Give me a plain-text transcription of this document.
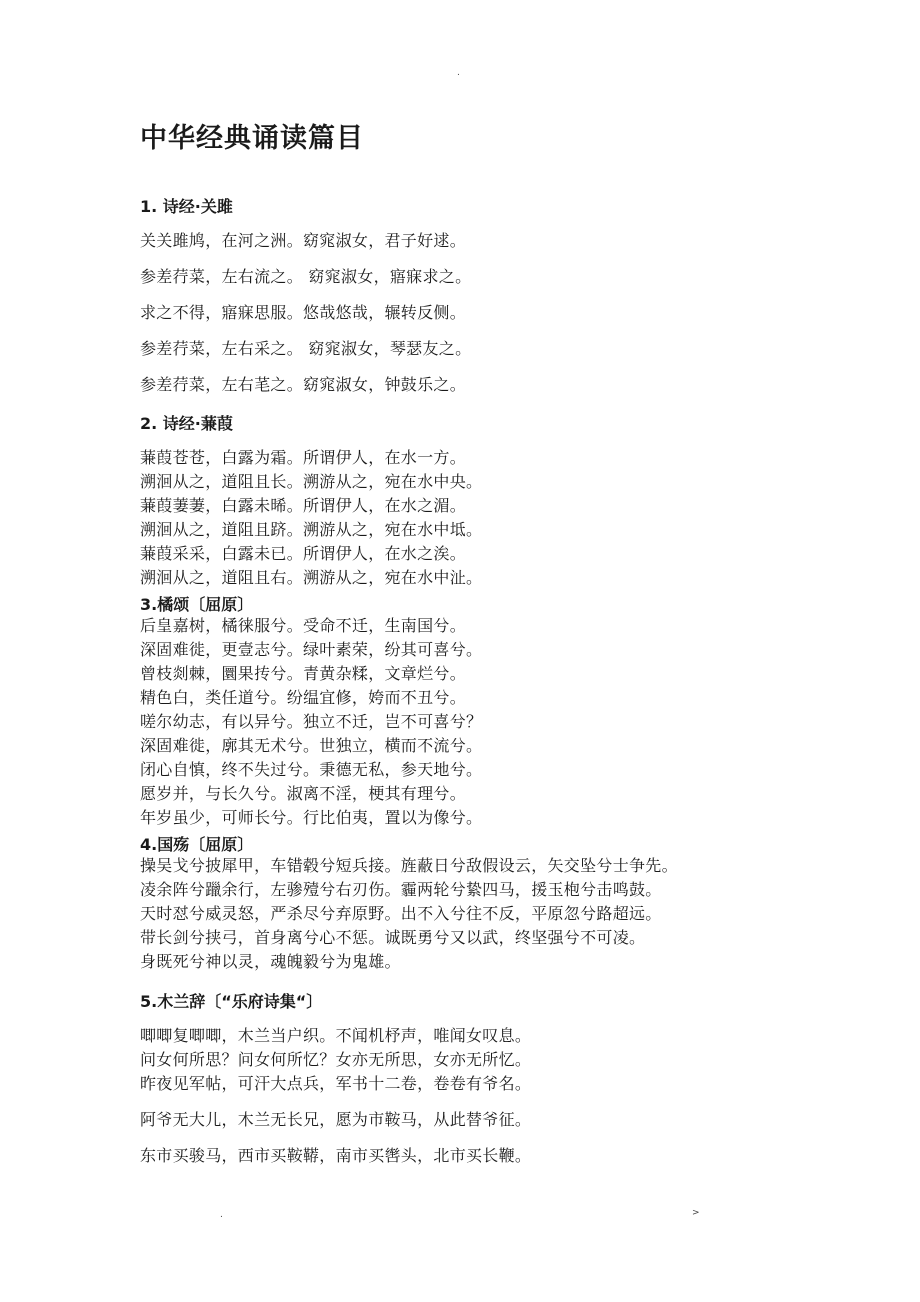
.
中华经典诵读篇目
1. 诗经·关雎
关关雎鸠，在河之洲。窈窕淑女，君子好逑。
参差荇菜，左右流之。 窈窕淑女，寤寐求之。
求之不得，寤寐思服。悠哉悠哉，辗转反侧。
参差荇菜，左右采之。 窈窕淑女，琴瑟友之。
参差荇菜，左右芼之。窈窕淑女，钟鼓乐之。
2. 诗经·蒹葭
蒹葭苍苍，白露为霜。所谓伊人，在水一方。
溯洄从之，道阻且长。溯游从之，宛在水中央。
蒹葭萋萋，白露未晞。所谓伊人，在水之湄。
溯洄从之，道阻且跻。溯游从之，宛在水中坻。
蒹葭采采，白露未已。所谓伊人，在水之涘。
溯洄从之，道阻且右。溯游从之，宛在水中沚。
3.橘颂〔屈原〕
后皇嘉树，橘徕服兮。受命不迁，生南国兮。
深固难徙，更壹志兮。绿叶素荣，纷其可喜兮。
曾枝剡棘，圜果抟兮。青黄杂糅，文章烂兮。
精色白，类任道兮。纷缊宜修，姱而不丑兮。
嗟尔幼志，有以异兮。独立不迁，岂不可喜兮？
深固难徙，廓其无术兮。世独立，横而不流兮。
闭心自慎，终不失过兮。秉德无私，参天地兮。
愿岁并，与长久兮。淑离不淫，梗其有理兮。
年岁虽少，可师长兮。行比伯夷，置以为像兮。
4.国殇〔屈原〕
操吴戈兮披犀甲，车错毂兮短兵接。旌蔽日兮敌假设云，矢交坠兮士争先。
凌余阵兮躐余行，左骖殪兮右刃伤。霾两轮兮絷四马，援玉枹兮击鸣鼓。
天时怼兮威灵怒，严杀尽兮弃原野。出不入兮往不反，平原忽兮路超远。
带长剑兮挟弓，首身离兮心不惩。诚既勇兮又以武，终坚强兮不可凌。
身既死兮神以灵，魂魄毅兮为鬼雄。
5.木兰辞〔“乐府诗集“〕
唧唧复唧唧，木兰当户织。不闻机杼声，唯闻女叹息。
问女何所思？问女何所忆？女亦无所思，女亦无所忆。
昨夜见军帖，可汗大点兵，军书十二卷，卷卷有爷名。
阿爷无大儿，木兰无长兄，愿为市鞍马，从此替爷征。
东市买骏马，西市买鞍鞯，南市买辔头，北市买长鞭。
.	>
